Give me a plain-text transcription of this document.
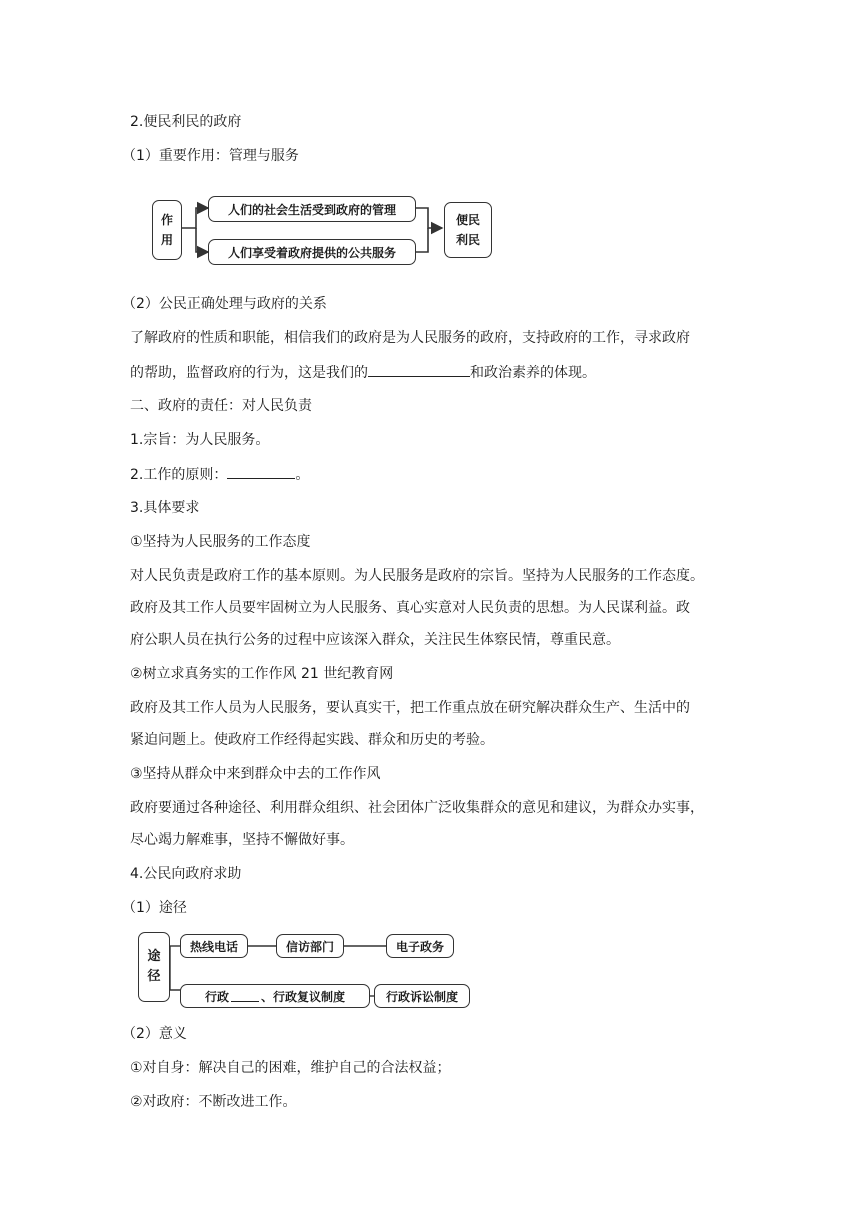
2.便民利民的政府
（1）重要作用：管理与服务
作
用
人们的社会生活受到政府的管理
人们享受着政府提供的公共服务
便民
利民
（2）公民正确处理与政府的关系
了解政府的性质和职能，相信我们的政府是为人民服务的政府，支持政府的工作，寻求政府
的帮助，监督政府的行为，这是我们的	和政治素养的体现。
二、政府的责任：对人民负责
1.宗旨：为人民服务。
2.工作的原则：	。
3.具体要求
①坚持为人民服务的工作态度
对人民负责是政府工作的基本原则。为人民服务是政府的宗旨。坚持为人民服务的工作态度。
政府及其工作人员要牢固树立为人民服务、真心实意对人民负责的思想。为人民谋利益。政
府公职人员在执行公务的过程中应该深入群众，关注民生体察民情，尊重民意。
②树立求真务实的工作作风 21 世纪教育网
政府及其工作人员为人民服务，要认真实干，把工作重点放在研究解决群众生产、生活中的
紧迫问题上。使政府工作经得起实践、群众和历史的考验。
③坚持从群众中来到群众中去的工作作风
政府要通过各种途径、利用群众组织、社会团体广泛收集群众的意见和建议，为群众办实事，
尽心竭力解难事，坚持不懈做好事。
4.公民向政府求助
（1）途径
途
径
热线电话	信访部门	电子政务
行政	、行政复议制度	行政诉讼制度
（2）意义
①对自身：解决自己的困难，维护自己的合法权益；
②对政府：不断改进工作。
